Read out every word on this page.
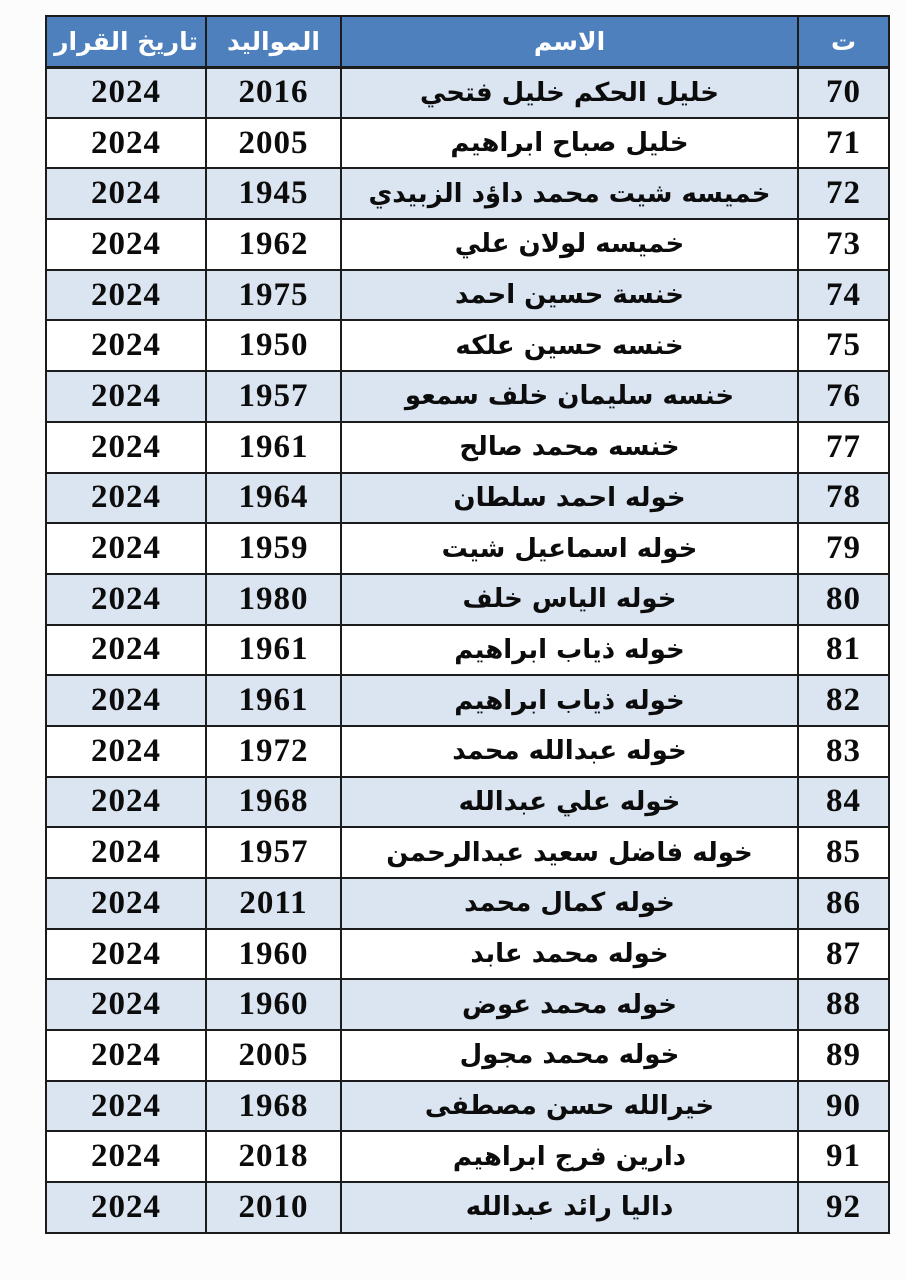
ت	الاسم	المواليد	تاريخ القرار
70	خليل الحكم خليل فتحي	2016	2024
71	خليل صباح ابراهيم	2005	2024
72	خميسه شيت محمد داؤد الزبيدي	1945	2024
73	خميسه لولان علي	1962	2024
74	خنسة حسين احمد	1975	2024
75	خنسه حسين علكه	1950	2024
76	خنسه سليمان خلف سمعو	1957	2024
77	خنسه محمد صالح	1961	2024
78	خوله احمد سلطان	1964	2024
79	خوله اسماعيل شيت	1959	2024
80	خوله الياس خلف	1980	2024
81	خوله ذياب ابراهيم	1961	2024
82	خوله ذياب ابراهيم	1961	2024
83	خوله عبدالله محمد	1972	2024
84	خوله علي عبدالله	1968	2024
85	خوله فاضل سعيد عبدالرحمن	1957	2024
86	خوله كمال محمد	2011	2024
87	خوله محمد عابد	1960	2024
88	خوله محمد عوض	1960	2024
89	خوله محمد مجول	2005	2024
90	خيرالله حسن مصطفى	1968	2024
91	دارين فرج ابراهيم	2018	2024
92	داليا رائد عبدالله	2010	2024
